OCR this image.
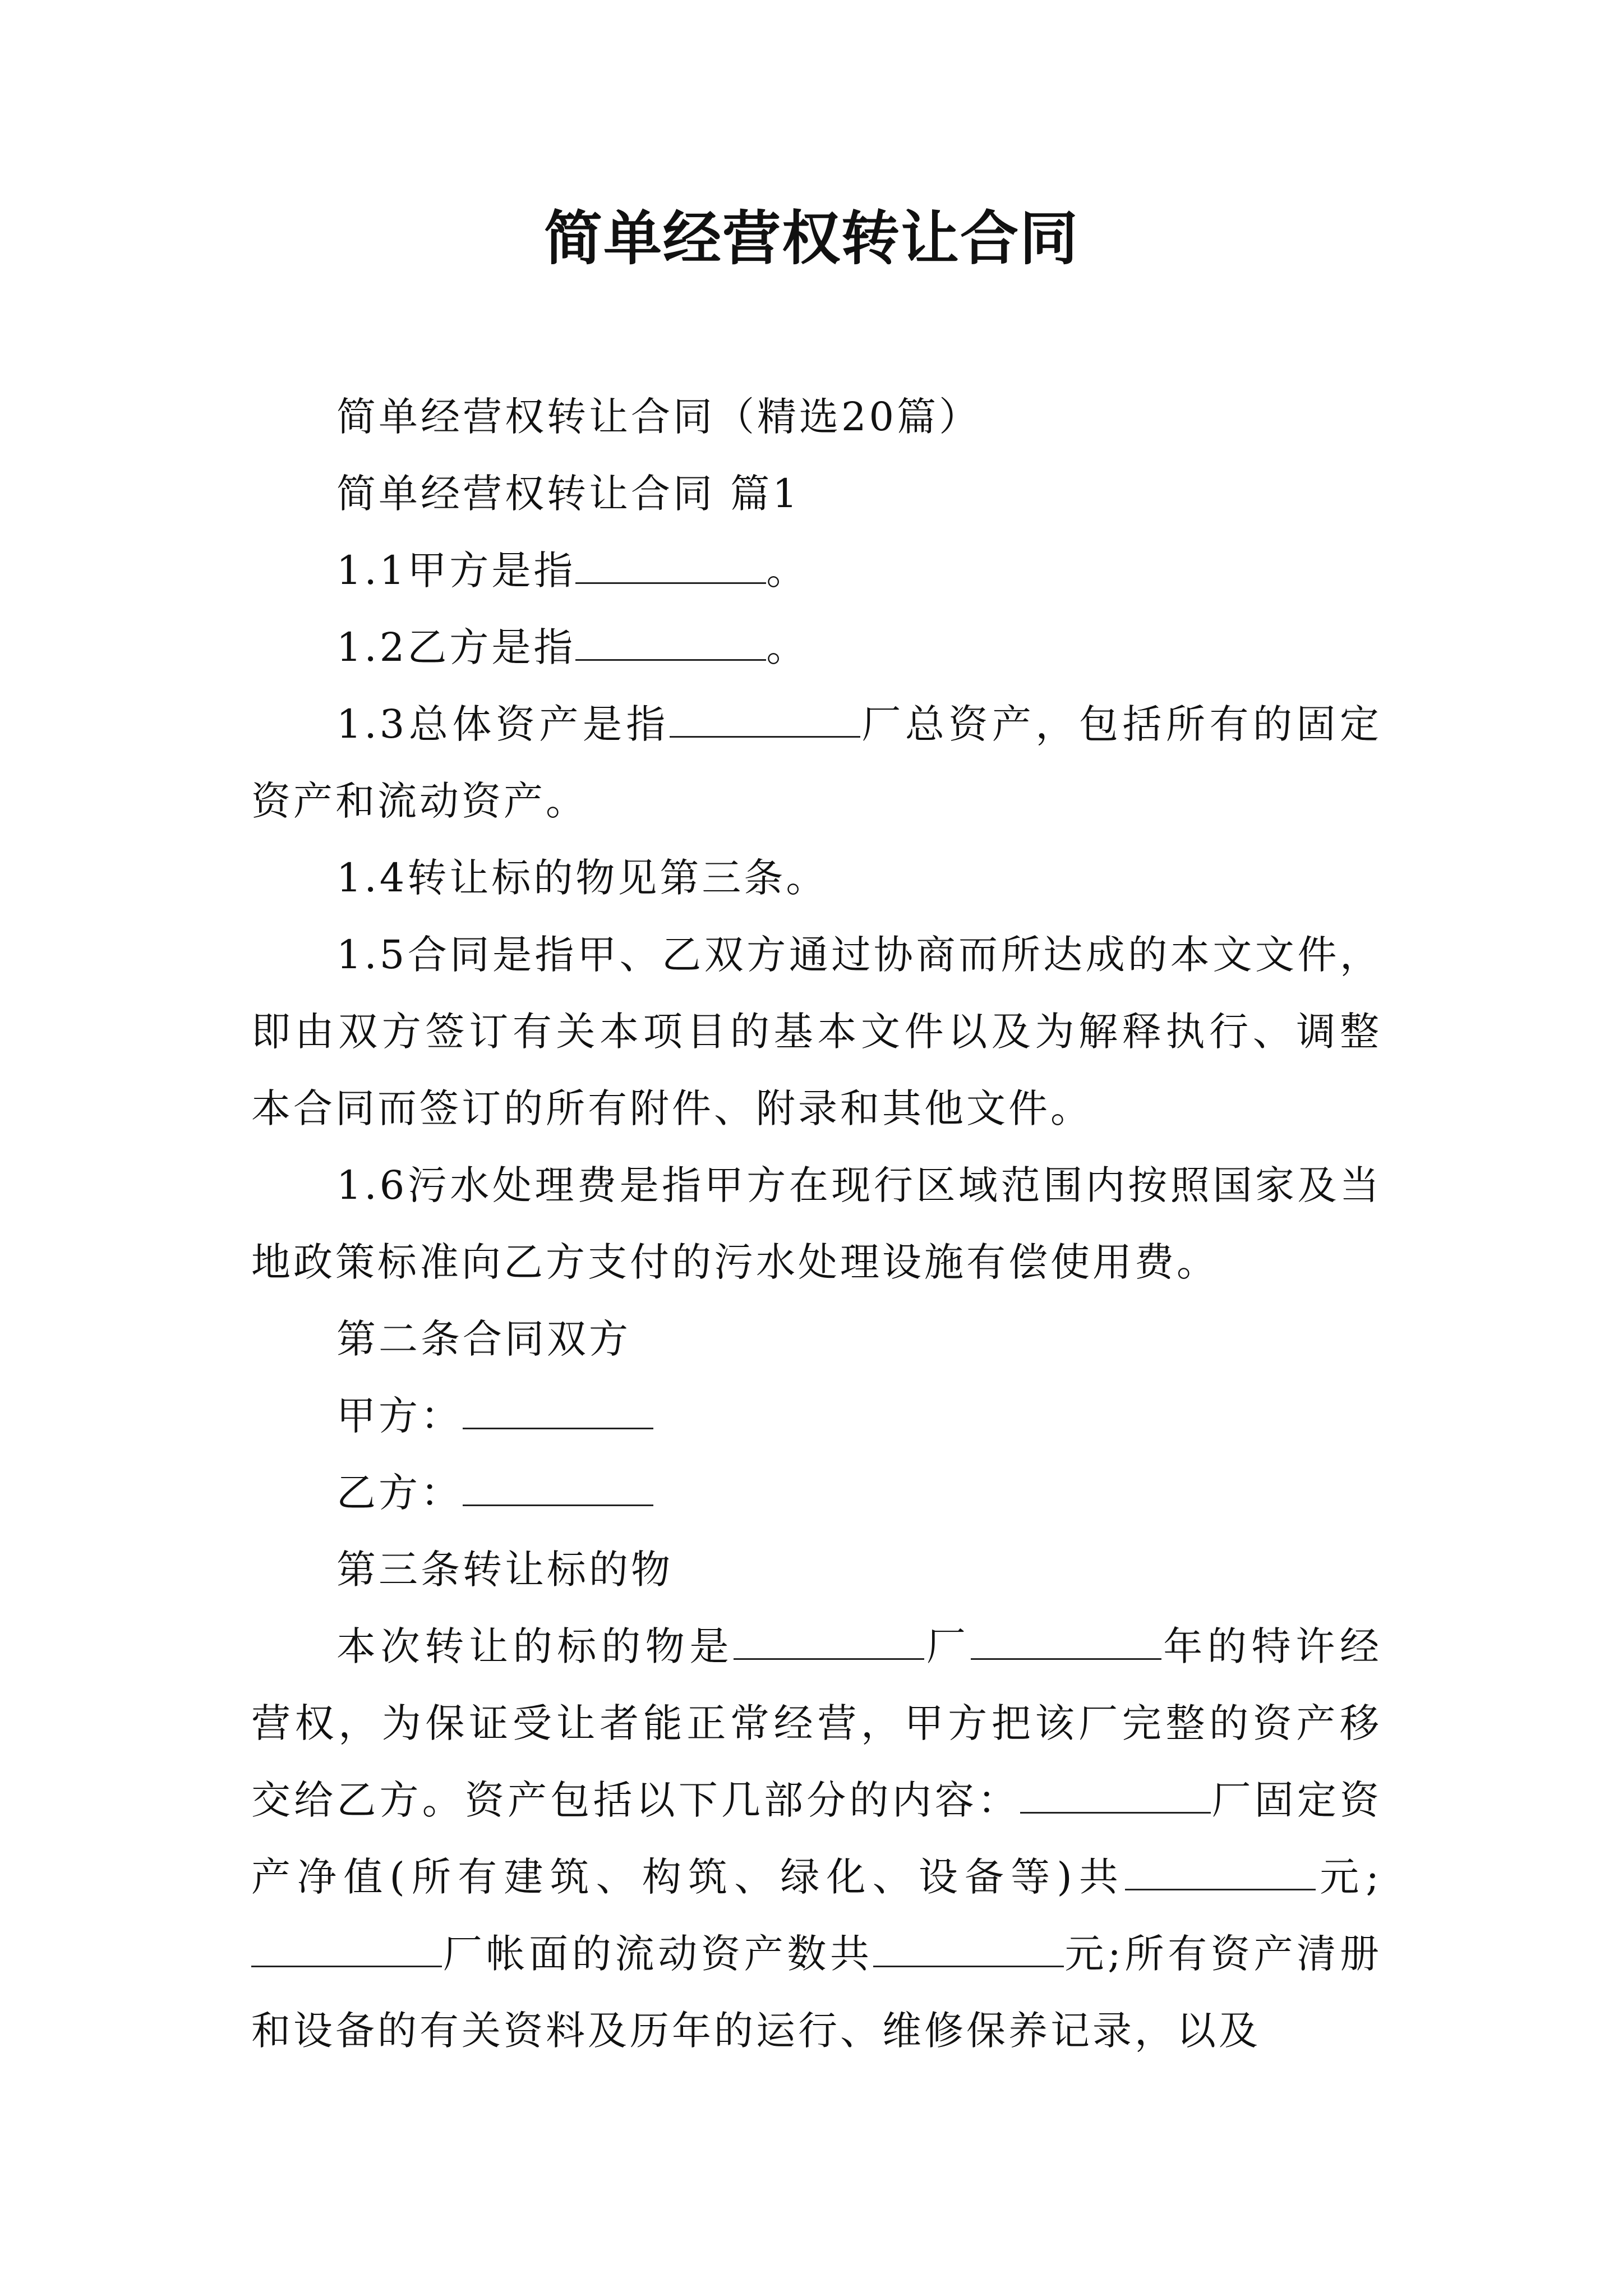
简单经营权转让合同

简单经营权转让合同（精选20篇）

简单经营权转让合同 篇1

1.1甲方是指	。

1.2乙方是指	。

1.3总体资产是指	厂总资产，包括所有的固定资产和流动资产。

1.4转让标的物见第三条。

1.5合同是指甲、乙双方通过协商而所达成的本文文件，即由双方签订有关本项目的基本文件以及为解释执行、调整本合同而签订的所有附件、附录和其他文件。

1.6污水处理费是指甲方在现行区域范围内按照国家及当地政策标准向乙方支付的污水处理设施有偿使用费。

第二条合同双方

甲方：

乙方：

第三条转让标的物

本次转让的标的物是	厂	年的特许经营权，为保证受让者能正常经营，甲方把该厂完整的资产移交给乙方。资产包括以下几部分的内容：	厂固定资产净值(所有建筑、构筑、绿化、设备等)共	元;厂帐面的流动资产数共	元;所有资产清册和设备的有关资料及历年的运行、维修保养记录，以及
